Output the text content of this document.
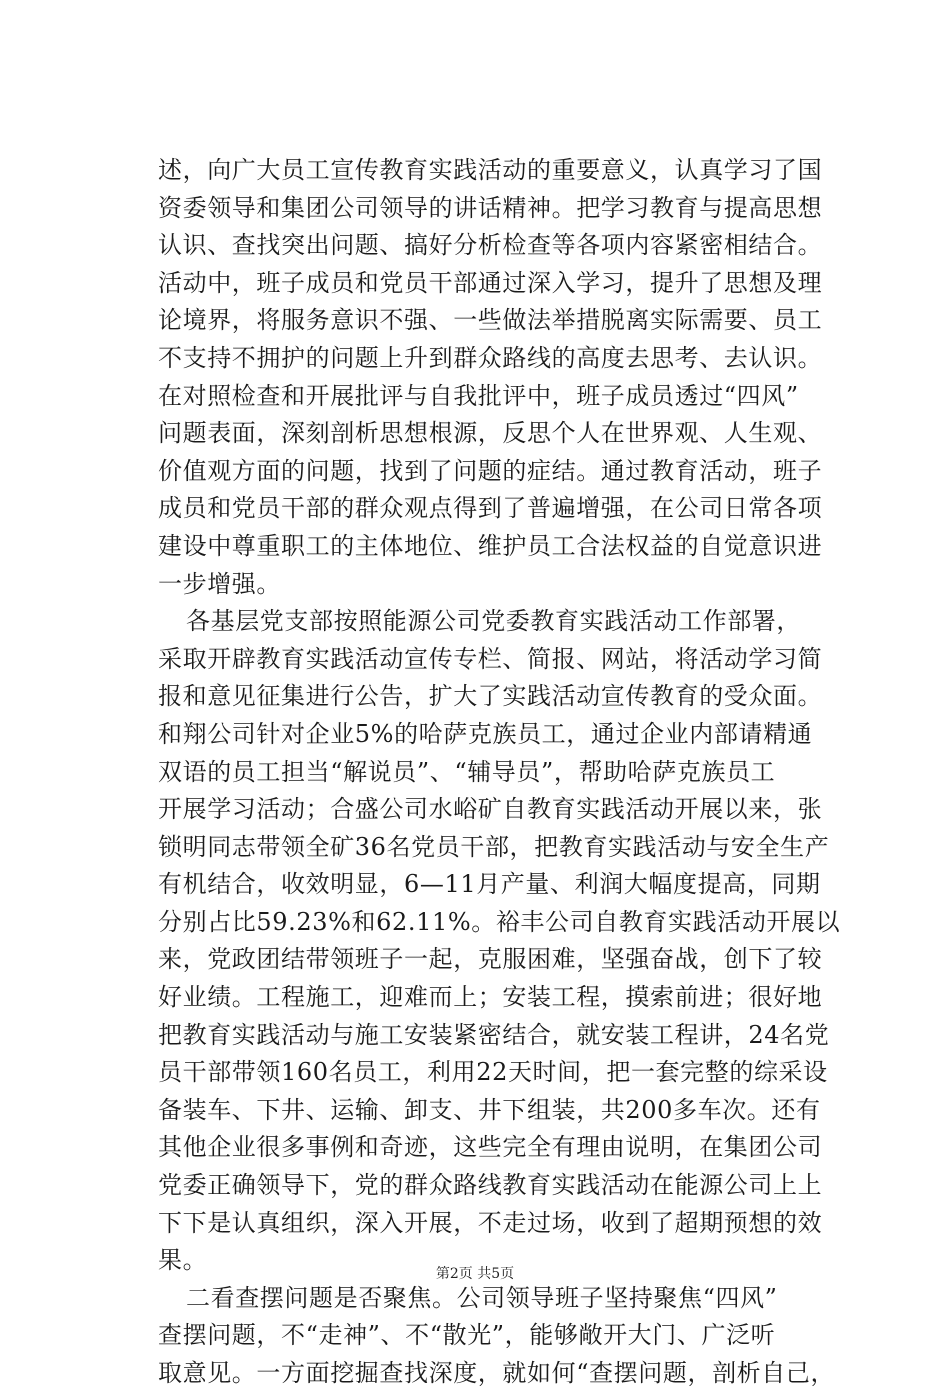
述，向广大员工宣传教育实践活动的重要意义，认真学习了国
资委领导和集团公司领导的讲话精神。把学习教育与提高思想
认识、查找突出问题、搞好分析检查等各项内容紧密相结合。
活动中，班子成员和党员干部通过深入学习，提升了思想及理
论境界，将服务意识不强、一些做法举措脱离实际需要、员工
不支持不拥护的问题上升到群众路线的高度去思考、去认识。
在对照检查和开展批评与自我批评中，班子成员透过“四风”
问题表面，深刻剖析思想根源，反思个人在世界观、人生观、
价值观方面的问题，找到了问题的症结。通过教育活动，班子
成员和党员干部的群众观点得到了普遍增强，在公司日常各项
建设中尊重职工的主体地位、维护员工合法权益的自觉意识进
一步增强。
各基层党支部按照能源公司党委教育实践活动工作部署，
采取开辟教育实践活动宣传专栏、简报、网站，将活动学习简
报和意见征集进行公告，扩大了实践活动宣传教育的受众面。
和翔公司针对企业5%的哈萨克族员工，通过企业内部请精通
双语的员工担当“解说员”、“辅导员”，帮助哈萨克族员工
开展学习活动；合盛公司水峪矿自教育实践活动开展以来，张
锁明同志带领全矿36名党员干部，把教育实践活动与安全生产
有机结合，收效明显，6—11月产量、利润大幅度提高，同期
分别占比59.23%和62.11%。裕丰公司自教育实践活动开展以
来，党政团结带领班子一起，克服困难，坚强奋战，创下了较
好业绩。工程施工，迎难而上；安装工程，摸索前进；很好地
把教育实践活动与施工安装紧密结合，就安装工程讲，24名党
员干部带领160名员工，利用22天时间，把一套完整的综采设
备装车、下井、运输、卸支、井下组装，共200多车次。还有
其他企业很多事例和奇迹，这些完全有理由说明，在集团公司
党委正确领导下，党的群众路线教育实践活动在能源公司上上
下下是认真组织，深入开展，不走过场，收到了超期预想的效
果。
二看查摆问题是否聚焦。公司领导班子坚持聚焦“四风”
查摆问题，不“走神”、不“散光”，能够敞开大门、广泛听
取意见。一方面挖掘查找深度，就如何“查摆问题，剖析自己，
第2页 共5页
